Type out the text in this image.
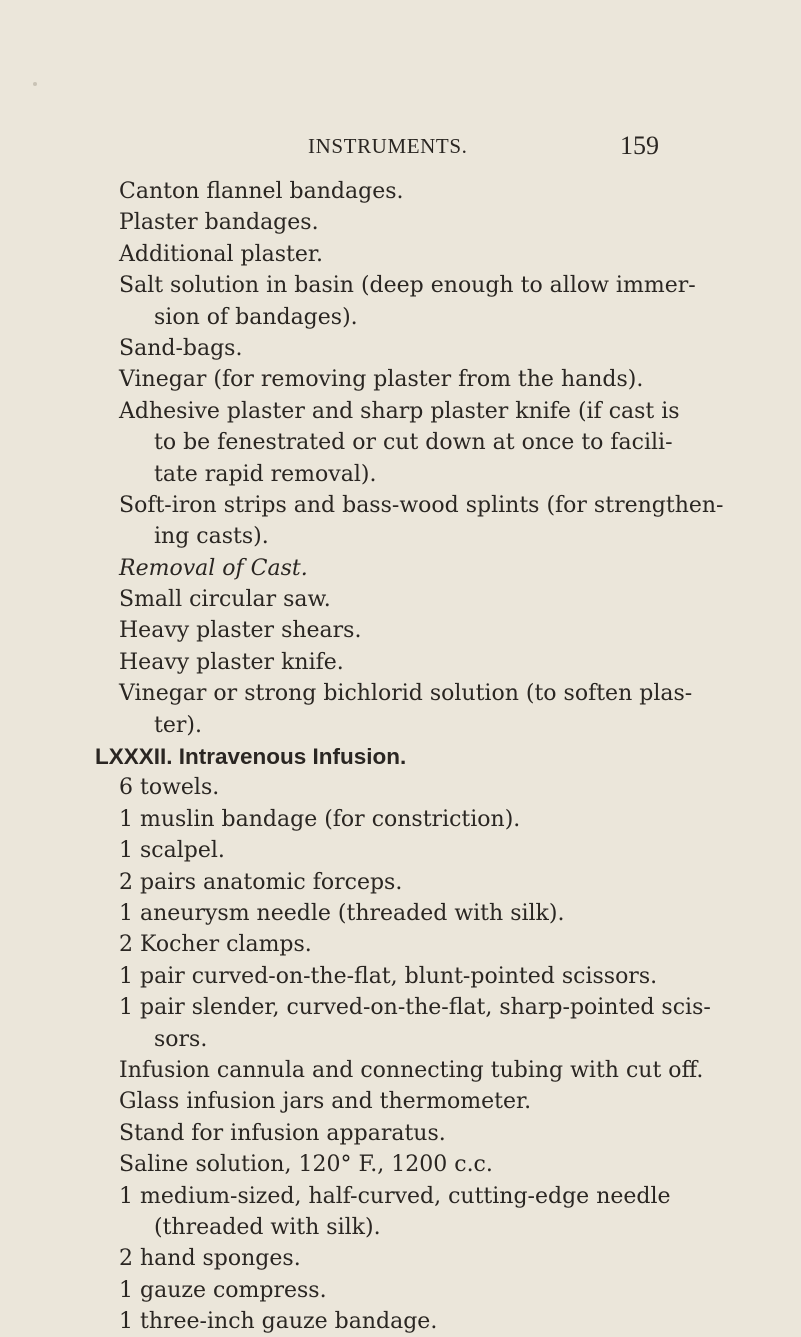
INSTRUMENTS.	159
Canton flannel bandages.
Plaster bandages.
Additional plaster.
Salt solution in basin (deep enough to allow immer-
sion of bandages).
Sand-bags.
Vinegar (for removing plaster from the hands).
Adhesive plaster and sharp plaster knife (if cast is
to be fenestrated or cut down at once to facili-
tate rapid removal).
Soft-iron strips and bass-wood splints (for strengthen-
ing casts).
Removal of Cast.
Small circular saw.
Heavy plaster shears.
Heavy plaster knife.
Vinegar or strong bichlorid solution (to soften plas-
ter).
LXXXII. Intravenous Infusion.
6 towels.
1 muslin bandage (for constriction).
1 scalpel.
2 pairs anatomic forceps.
1 aneurysm needle (threaded with silk).
2 Kocher clamps.
1 pair curved-on-the-flat, blunt-pointed scissors.
1 pair slender, curved-on-the-flat, sharp-pointed scis-
sors.
Infusion cannula and connecting tubing with cut off.
Glass infusion jars and thermometer.
Stand for infusion apparatus.
Saline solution, 120° F., 1200 c.c.
1 medium-sized, half-curved, cutting-edge needle
(threaded with silk).
2 hand sponges.
1 gauze compress.
1 three-inch gauze bandage.
